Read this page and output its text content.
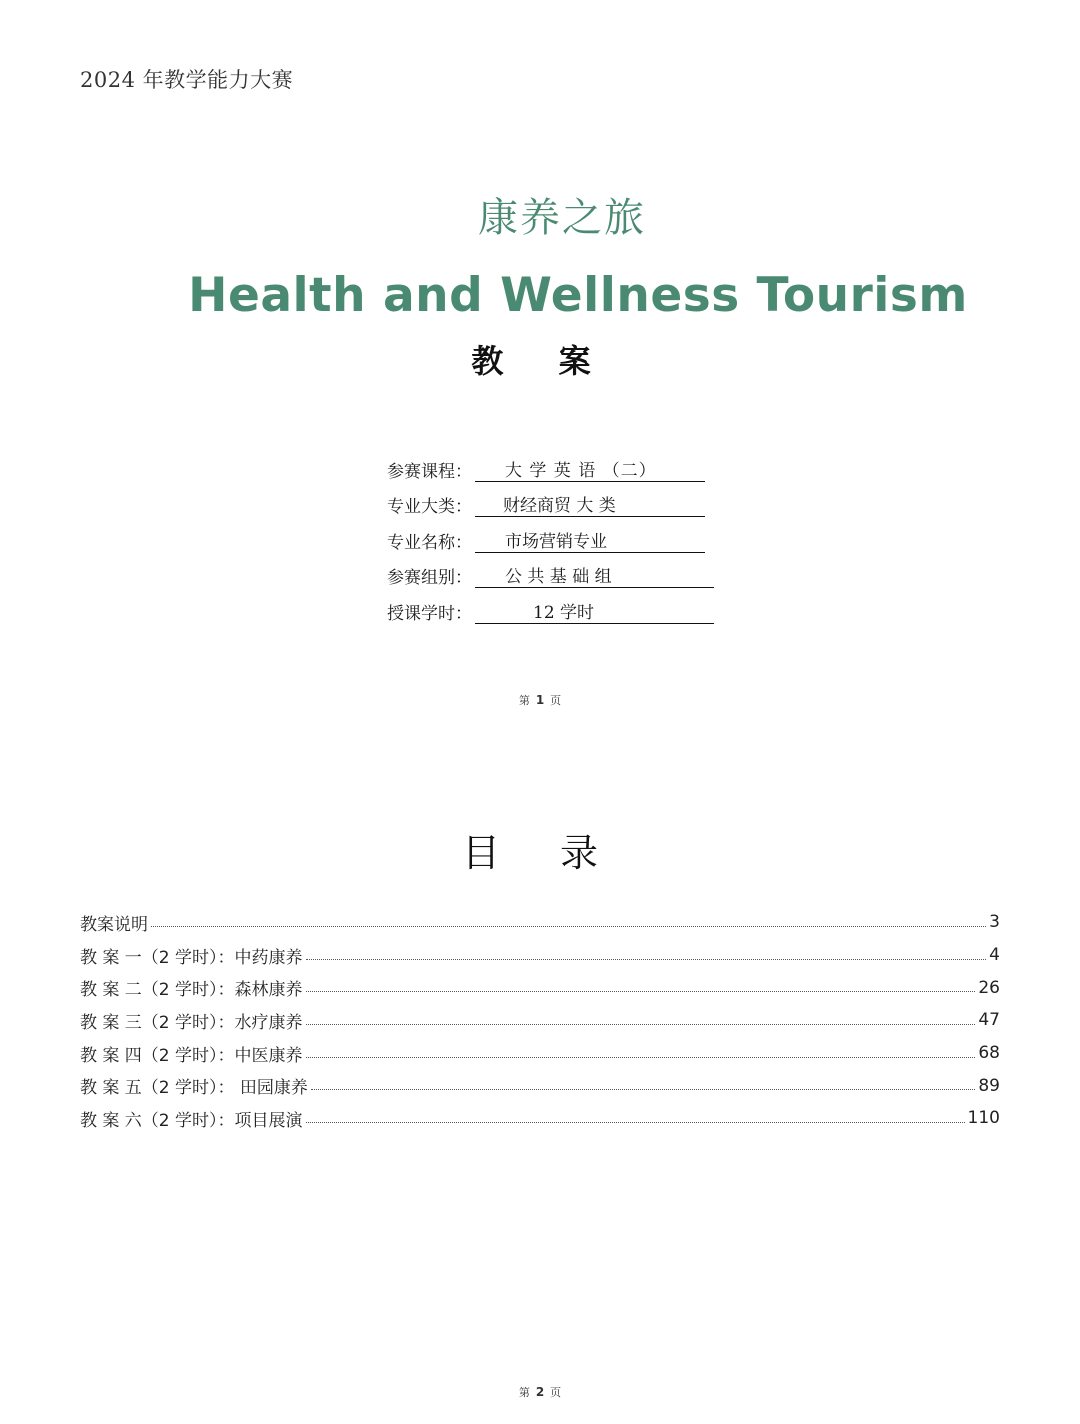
2024 年教学能力大赛
康养之旅
Health and Wellness Tourism
教 案
参赛课程：	大 学 英 语 （二）
专业大类：	财经商贸 大 类
专业名称：	市场营销专业
参赛组别：	公 共 基 础 组
授课学时：	12 学时
第 1 页
目 录
教案说明	3
教 案 一（2 学时）：中药康养	4
教 案 二（2 学时）：森林康养	26
教 案 三（2 学时）：水疗康养	47
教 案 四（2 学时）：中医康养	68
教 案 五（2 学时）： 田园康养	89
教 案 六（2 学时）：项目展演	110
第 2 页
